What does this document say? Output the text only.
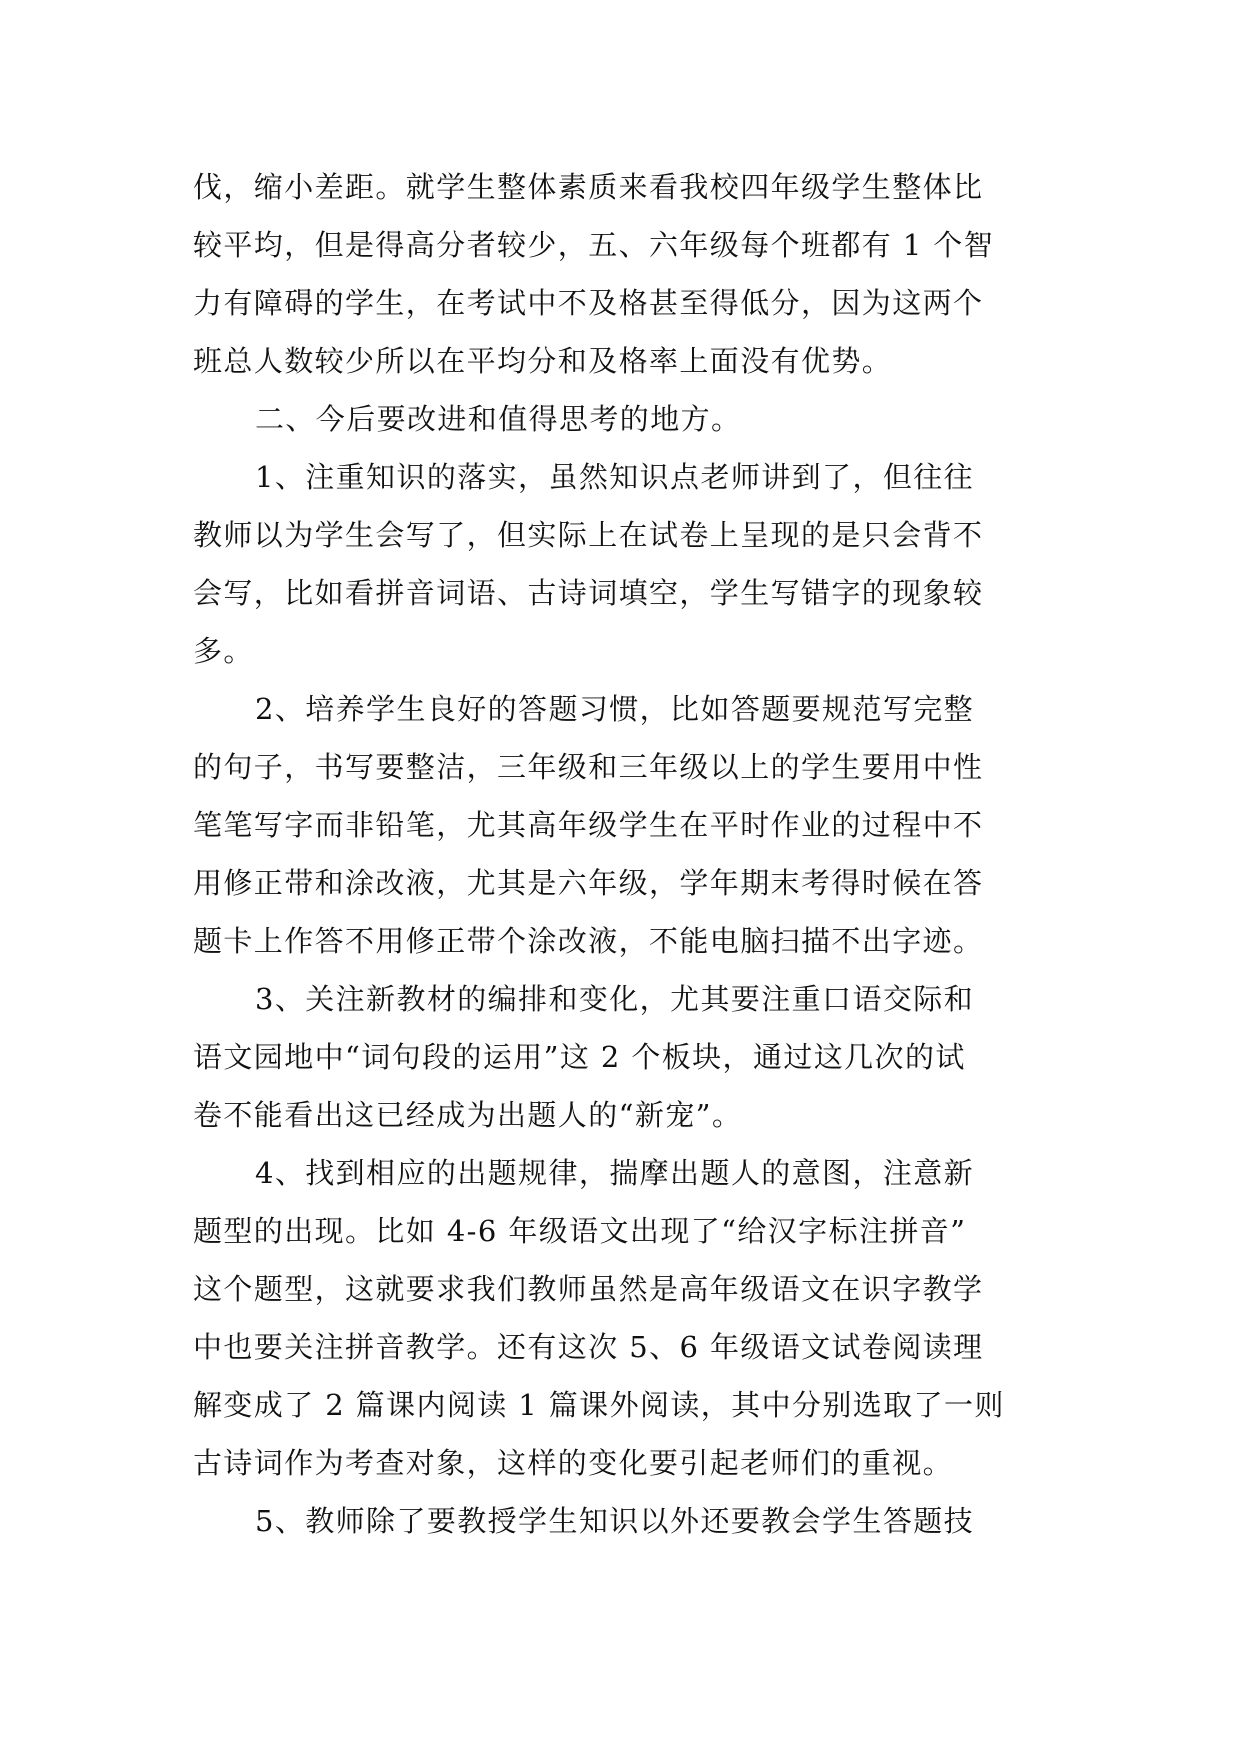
伐，缩小差距。就学生整体素质来看我校四年级学生整体比
较平均，但是得高分者较少，五、六年级每个班都有 1 个智
力有障碍的学生，在考试中不及格甚至得低分，因为这两个
班总人数较少所以在平均分和及格率上面没有优势。
二、今后要改进和值得思考的地方。
1、注重知识的落实，虽然知识点老师讲到了，但往往
教师以为学生会写了，但实际上在试卷上呈现的是只会背不
会写，比如看拼音词语、古诗词填空，学生写错字的现象较
多。
2、培养学生良好的答题习惯，比如答题要规范写完整
的句子，书写要整洁，三年级和三年级以上的学生要用中性
笔笔写字而非铅笔，尤其高年级学生在平时作业的过程中不
用修正带和涂改液，尤其是六年级，学年期末考得时候在答
题卡上作答不用修正带个涂改液，不能电脑扫描不出字迹。
3、关注新教材的编排和变化，尤其要注重口语交际和
语文园地中“词句段的运用”这 2 个板块，通过这几次的试
卷不能看出这已经成为出题人的“新宠”。
4、找到相应的出题规律，揣摩出题人的意图，注意新
题型的出现。比如 4-6 年级语文出现了“给汉字标注拼音”
这个题型，这就要求我们教师虽然是高年级语文在识字教学
中也要关注拼音教学。还有这次 5、6 年级语文试卷阅读理
解变成了 2 篇课内阅读 1 篇课外阅读，其中分别选取了一则
古诗词作为考查对象，这样的变化要引起老师们的重视。
5、教师除了要教授学生知识以外还要教会学生答题技
